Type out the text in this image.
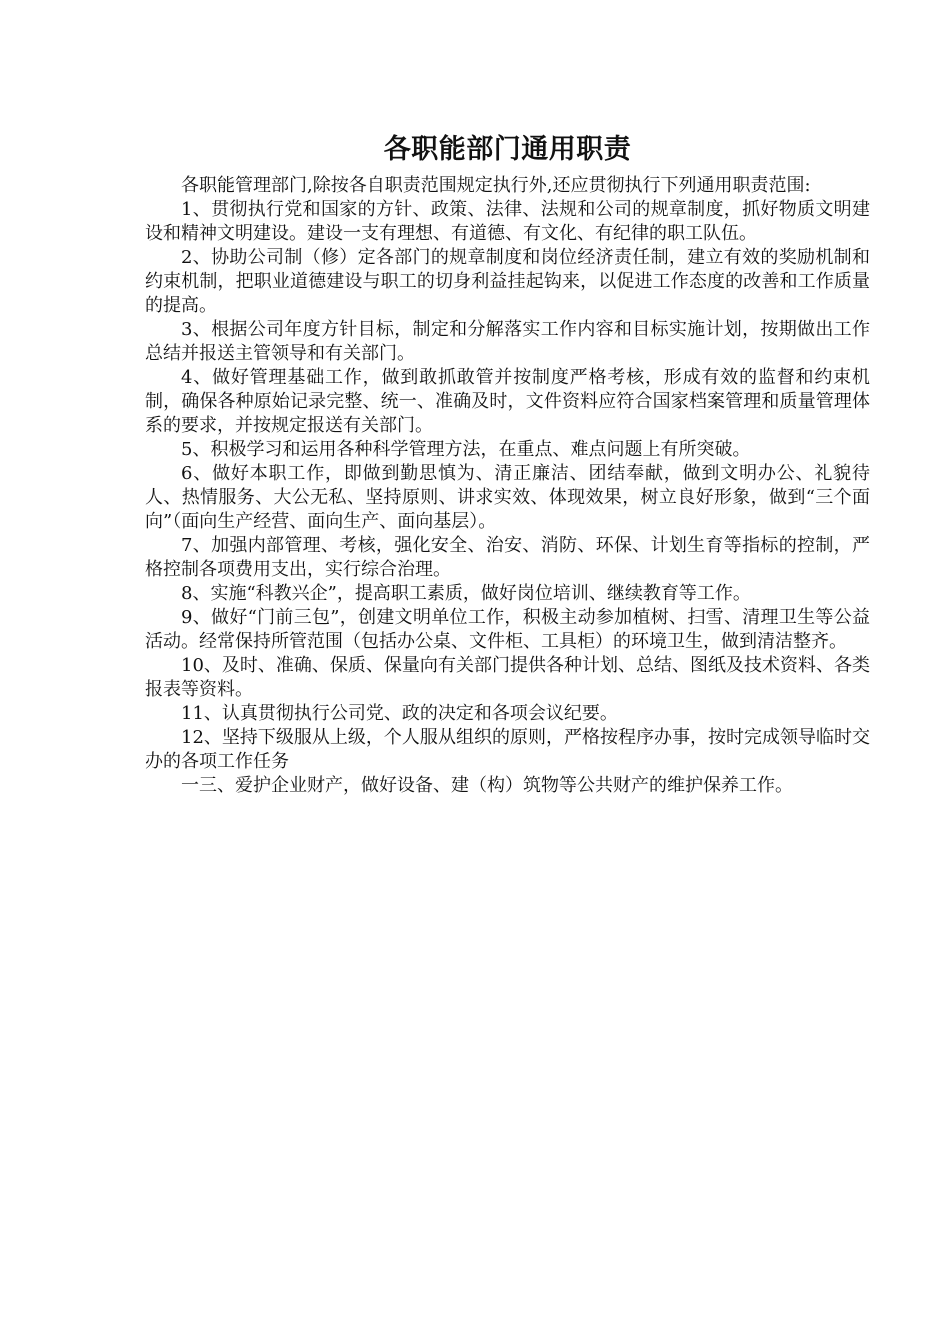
各职能部门通用职责

各职能管理部门,除按各自职责范围规定执行外,还应贯彻执行下列通用职责范围:

1、贯彻执行党和国家的方针、政策、法律、法规和公司的规章制度，抓好物质文明建设和精神文明建设。建设一支有理想、有道德、有文化、有纪律的职工队伍。

2、协助公司制（修）定各部门的规章制度和岗位经济责任制，建立有效的奖励机制和约束机制，把职业道德建设与职工的切身利益挂起钩来，以促进工作态度的改善和工作质量的提高。

3、根据公司年度方针目标，制定和分解落实工作内容和目标实施计划，按期做出工作总结并报送主管领导和有关部门。

4、做好管理基础工作，做到敢抓敢管并按制度严格考核，形成有效的监督和约束机制，确保各种原始记录完整、统一、准确及时，文件资料应符合国家档案管理和质量管理体系的要求，并按规定报送有关部门。

5、积极学习和运用各种科学管理方法，在重点、难点问题上有所突破。

6、做好本职工作，即做到勤思慎为、清正廉洁、团结奉献，做到文明办公、礼貌待人、热情服务、大公无私、坚持原则、讲求实效、体现效果，树立良好形象，做到“三个面向”（面向生产经营、面向生产、面向基层）。

7、加强内部管理、考核，强化安全、治安、消防、环保、计划生育等指标的控制，严格控制各项费用支出，实行综合治理。

8、实施“科教兴企”，提高职工素质，做好岗位培训、继续教育等工作。

9、做好“门前三包”，创建文明单位工作，积极主动参加植树、扫雪、清理卫生等公益活动。经常保持所管范围（包括办公桌、文件柜、工具柜）的环境卫生，做到清洁整齐。

10、及时、准确、保质、保量向有关部门提供各种计划、总结、图纸及技术资料、各类报表等资料。

11、认真贯彻执行公司党、政的决定和各项会议纪要。

12、坚持下级服从上级，个人服从组织的原则，严格按程序办事，按时完成领导临时交办的各项工作任务

一三、爱护企业财产，做好设备、建（构）筑物等公共财产的维护保养工作。
